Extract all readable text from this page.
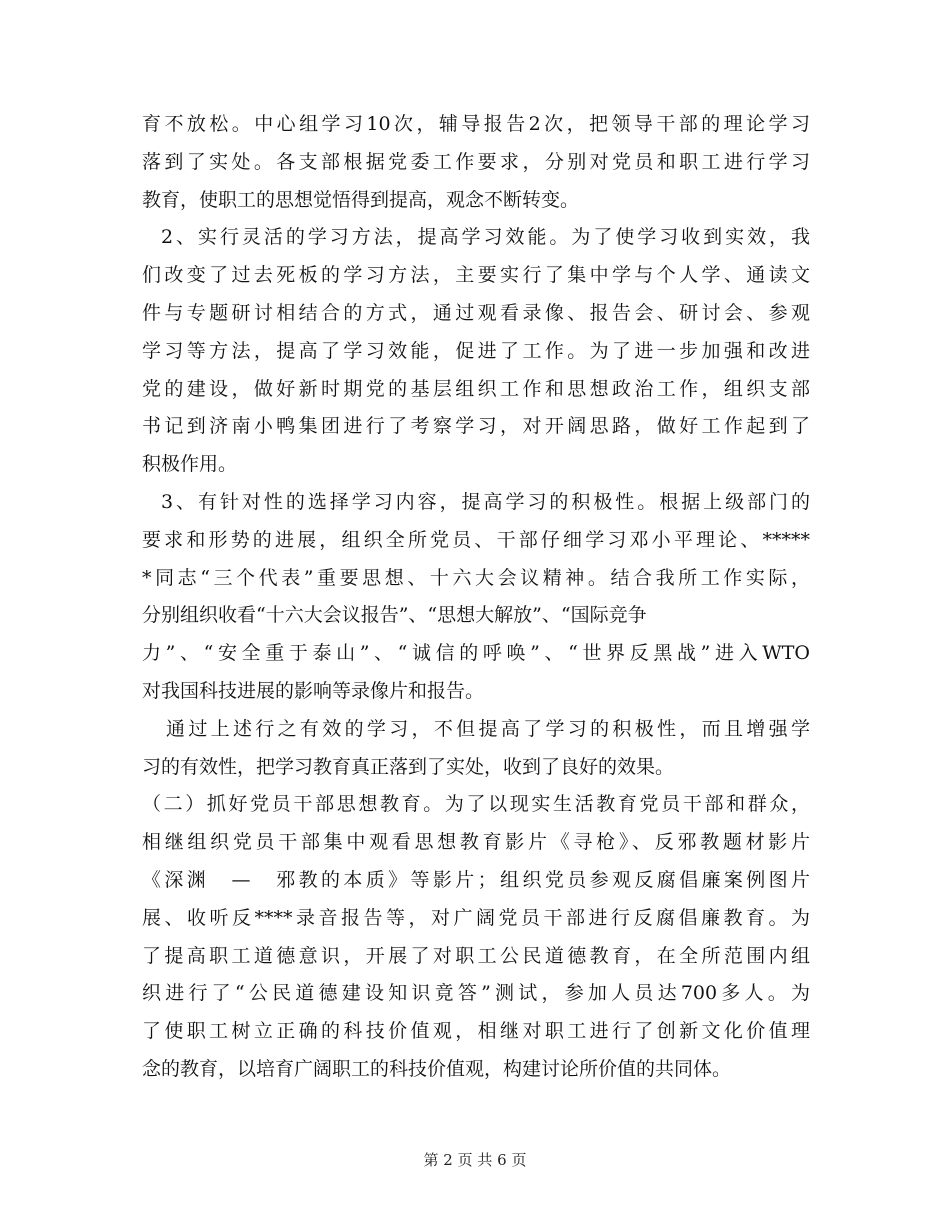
育不放松。中心组学习10次，辅导报告2次，把领导干部的理论学习
落到了实处。各支部根据党委工作要求，分别对党员和职工进行学习
教育，使职工的思想觉悟得到提高，观念不断转变。
2、实行灵活的学习方法，提高学习效能。为了使学习收到实效，我
们改变了过去死板的学习方法，主要实行了集中学与个人学、通读文
件与专题研讨相结合的方式，通过观看录像、报告会、研讨会、参观
学习等方法，提高了学习效能，促进了工作。为了进一步加强和改进
党的建设，做好新时期党的基层组织工作和思想政治工作，组织支部
书记到济南小鸭集团进行了考察学习，对开阔思路，做好工作起到了
积极作用。
3、有针对性的选择学习内容，提高学习的积极性。根据上级部门的
要求和形势的进展，组织全所党员、干部仔细学习邓小平理论、*****
*同志“三个代表”重要思想、十六大会议精神。结合我所工作实际，
分别组织收看“十六大会议报告”、“思想大解放”、“国际竞争
力”、“安全重于泰山”、“诚信的呼唤”、“世界反黑战”进入WTO
对我国科技进展的影响等录像片和报告。
通过上述行之有效的学习，不但提高了学习的积极性，而且增强学
习的有效性，把学习教育真正落到了实处，收到了良好的效果。
（二）抓好党员干部思想教育。为了以现实生活教育党员干部和群众，
相继组织党员干部集中观看思想教育影片《寻枪》、反邪教题材影片
《深渊　—　邪教的本质》等影片；组织党员参观反腐倡廉案例图片
展、收听反****录音报告等，对广阔党员干部进行反腐倡廉教育。为
了提高职工道德意识，开展了对职工公民道德教育，在全所范围内组
织进行了“公民道德建设知识竟答”测试，参加人员达700多人。为
了使职工树立正确的科技价值观，相继对职工进行了创新文化价值理
念的教育，以培育广阔职工的科技价值观，构建讨论所价值的共同体。
第 2 页 共 6 页
